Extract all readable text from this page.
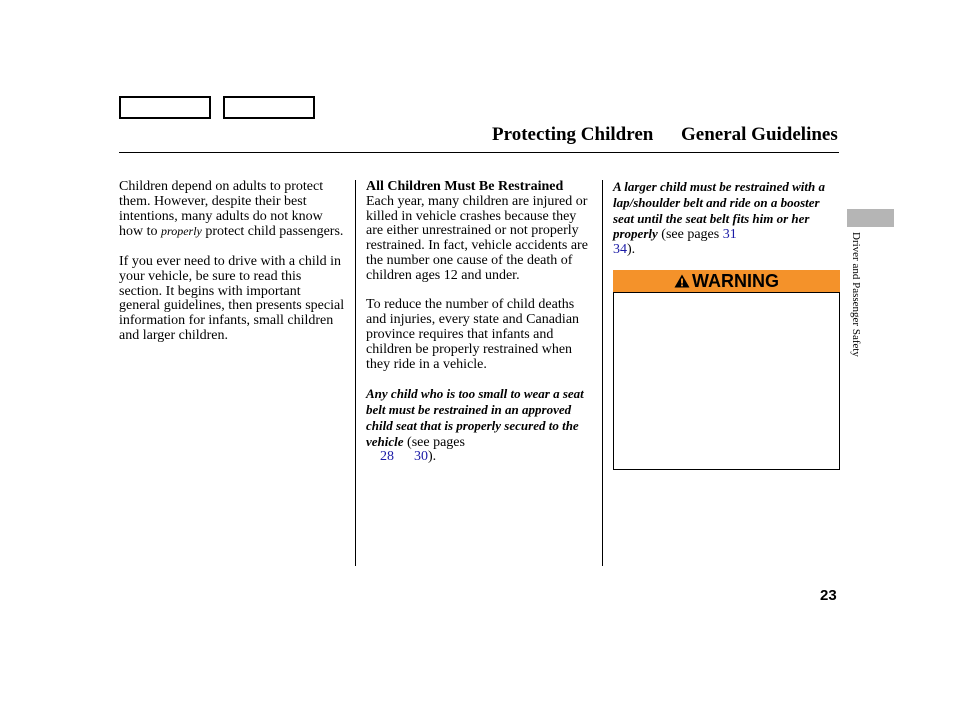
Protecting Children General Guidelines

Children depend on adults to protect them. However, despite their best intentions, many adults do not know how to properly protect child passengers.

If you ever need to drive with a child in your vehicle, be sure to read this section. It begins with important general guidelines, then presents special information for infants, small children and larger children.

All Children Must Be Restrained

Each year, many children are injured or killed in vehicle crashes because they are either unrestrained or not properly restrained. In fact, vehicle accidents are the number one cause of the death of children ages 12 and under.

To reduce the number of child deaths and injuries, every state and Canadian province requires that infants and children be properly restrained when they ride in a vehicle.

Any child who is too small to wear a seat belt must be restrained in an approved child seat that is properly secured to the vehicle (see pages
28 30).

A larger child must be restrained with a lap/shoulder belt and ride on a booster seat until the seat belt fits him or her properly (see pages 31
34).

WARNING	Driver and Passenger Safety
23
